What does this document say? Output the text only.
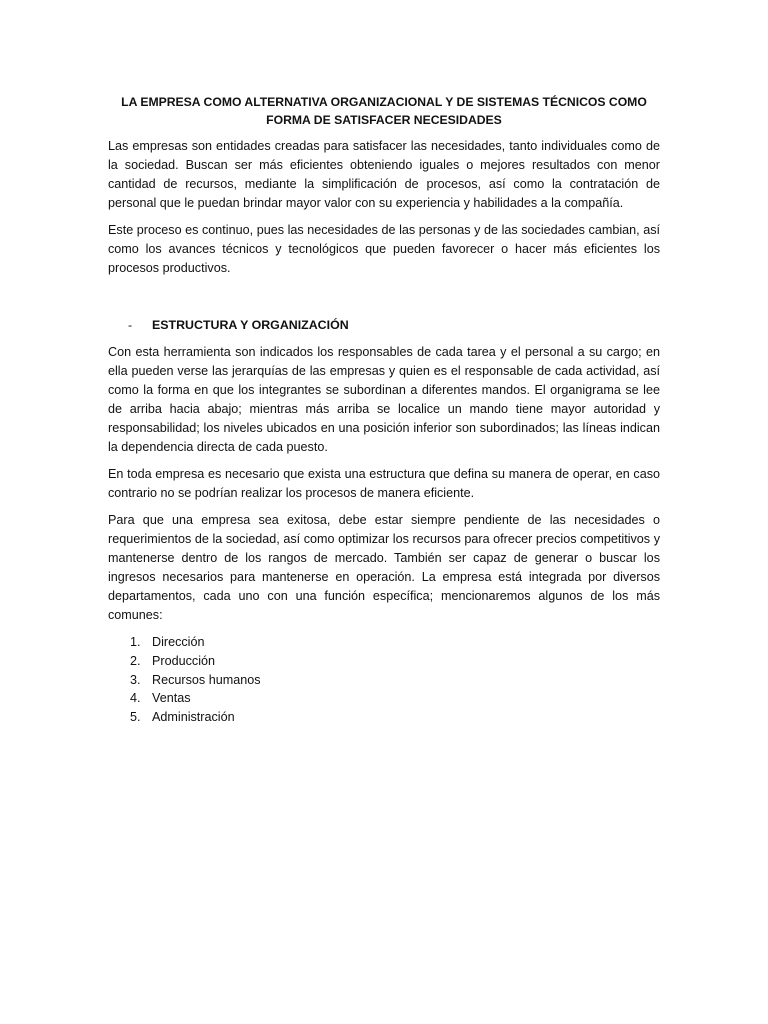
LA EMPRESA COMO ALTERNATIVA ORGANIZACIONAL Y DE SISTEMAS TÉCNICOS COMO FORMA DE SATISFACER NECESIDADES

Las empresas son entidades creadas para satisfacer las necesidades, tanto individuales como de la sociedad. Buscan ser más eficientes obteniendo iguales o mejores resultados con menor cantidad de recursos, mediante la simplificación de procesos, así como la contratación de personal que le puedan brindar mayor valor con su experiencia y habilidades a la compañía.

Este proceso es continuo, pues las necesidades de las personas y de las sociedades cambian, así como los avances técnicos y tecnológicos que pueden favorecer o hacer más eficientes los procesos productivos.

-	ESTRUCTURA Y ORGANIZACIÓN

Con esta herramienta son indicados los responsables de cada tarea y el personal a su cargo; en ella pueden verse las jerarquías de las empresas y quien es el responsable de cada actividad, así como la forma en que los integrantes se subordinan a diferentes mandos. El organigrama se lee de arriba hacia abajo; mientras más arriba se localice un mando tiene mayor autoridad y responsabilidad; los niveles ubicados en una posición inferior son subordinados; las líneas indican la dependencia directa de cada puesto.

En toda empresa es necesario que exista una estructura que defina su manera de operar, en caso contrario no se podrían realizar los procesos de manera eficiente.

Para que una empresa sea exitosa, debe estar siempre pendiente de las necesidades o requerimientos de la sociedad, así como optimizar los recursos para ofrecer precios competitivos y mantenerse dentro de los rangos de mercado. También ser capaz de generar o buscar los ingresos necesarios para mantenerse en operación. La empresa está integrada por diversos departamentos, cada uno con una función específica; mencionaremos algunos de los más comunes:

1. Dirección
2. Producción
3. Recursos humanos
4. Ventas
5. Administración
